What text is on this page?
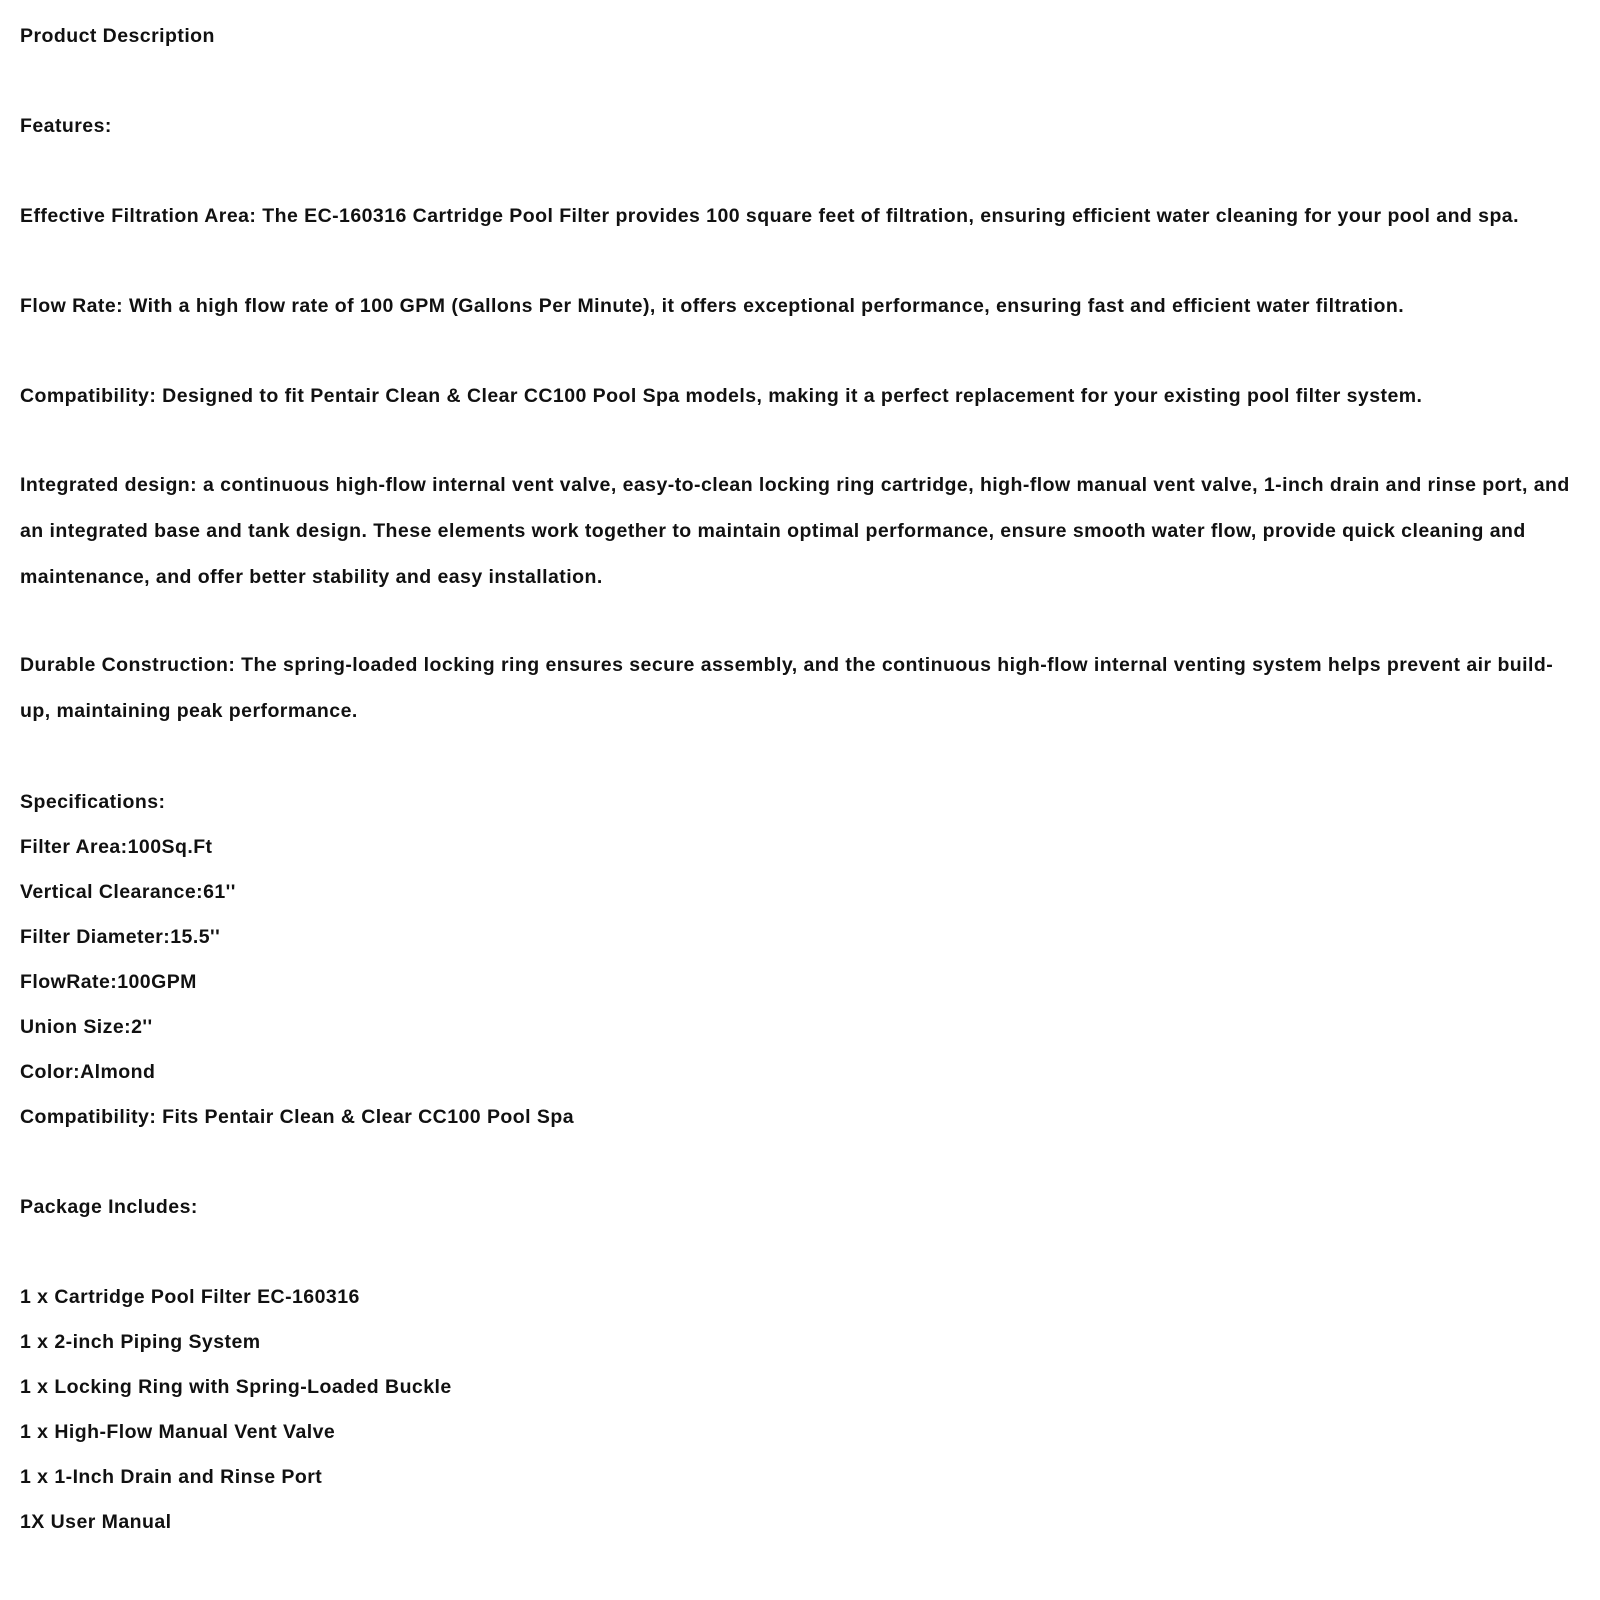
Product Description
Features:
Effective Filtration Area: The EC-160316 Cartridge Pool Filter provides 100 square feet of filtration, ensuring efficient water cleaning for your pool and spa.
Flow Rate: With a high flow rate of 100 GPM (Gallons Per Minute), it offers exceptional performance, ensuring fast and efficient water filtration.
Compatibility: Designed to fit Pentair Clean & Clear CC100 Pool Spa models, making it a perfect replacement for your existing pool filter system.
Integrated design: a continuous high-flow internal vent valve, easy-to-clean locking ring cartridge, high-flow manual vent valve, 1-inch drain and rinse port, and an integrated base and tank design. These elements work together to maintain optimal performance, ensure smooth water flow, provide quick cleaning and maintenance, and offer better stability and easy installation.
Durable Construction: The spring-loaded locking ring ensures secure assembly, and the continuous high-flow internal venting system helps prevent air build-up, maintaining peak performance.
Specifications:
Filter Area:100Sq.Ft
Vertical Clearance:61''
Filter Diameter:15.5''
FlowRate:100GPM
Union Size:2''
Color:Almond
Compatibility: Fits Pentair Clean & Clear CC100 Pool Spa
Package Includes:
1 x Cartridge Pool Filter EC-160316
1 x 2-inch Piping System
1 x Locking Ring with Spring-Loaded Buckle
1 x High-Flow Manual Vent Valve
1 x 1-Inch Drain and Rinse Port
1X User Manual
